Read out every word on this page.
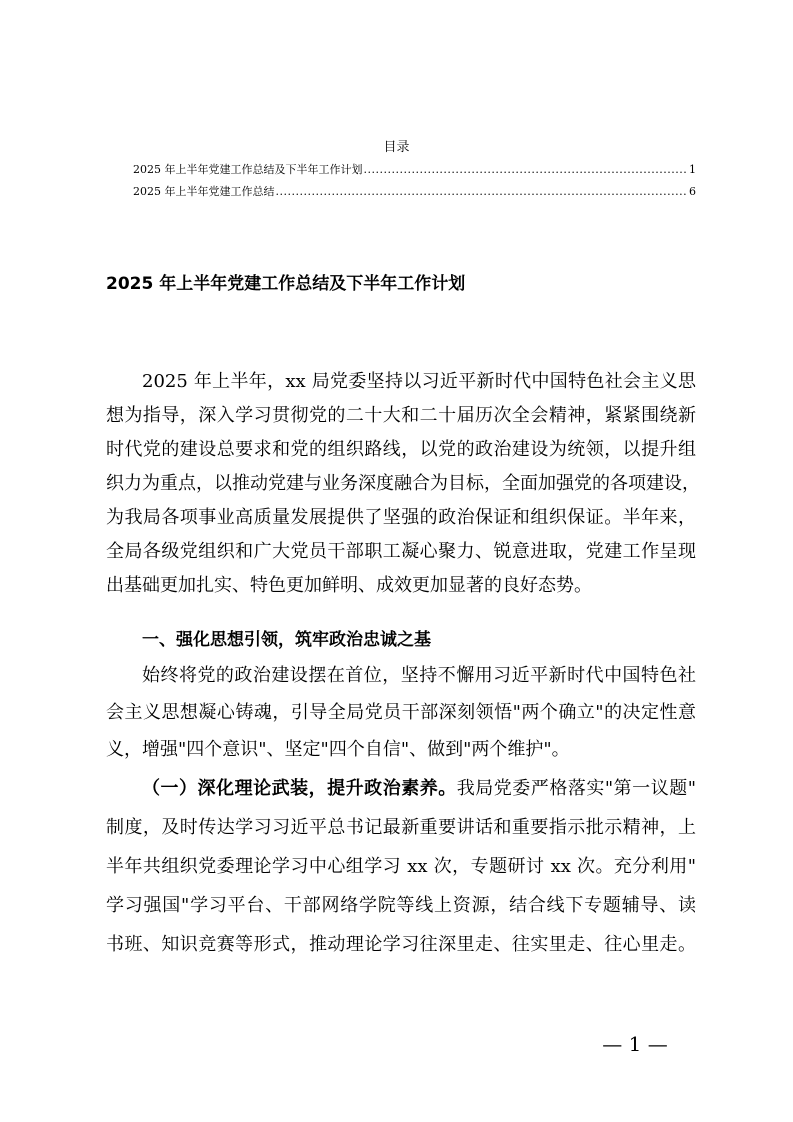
目录
2025 年上半年党建工作总结及下半年工作计划 .....	1
2025 年上半年党建工作总结 .....	6
2025 年上半年党建工作总结及下半年工作计划
2025 年上半年，xx 局党委坚持以习近平新时代中国特色社会主义思
想为指导，深入学习贯彻党的二十大和二十届历次全会精神，紧紧围绕新
时代党的建设总要求和党的组织路线，以党的政治建设为统领，以提升组
织力为重点，以推动党建与业务深度融合为目标，全面加强党的各项建设，
为我局各项事业高质量发展提供了坚强的政治保证和组织保证。半年来，
全局各级党组织和广大党员干部职工凝心聚力、锐意进取，党建工作呈现
出基础更加扎实、特色更加鲜明、成效更加显著的良好态势。
一、强化思想引领，筑牢政治忠诚之基
始终将党的政治建设摆在首位，坚持不懈用习近平新时代中国特色社
会主义思想凝心铸魂，引导全局党员干部深刻领悟"两个确立"的决定性意
义，增强"四个意识"、坚定"四个自信"、做到"两个维护"。
（一）深化理论武装，提升政治素养。我局党委严格落实"第一议题"
制度，及时传达学习习近平总书记最新重要讲话和重要指示批示精神，上
半年共组织党委理论学习中心组学习 xx 次，专题研讨 xx 次。充分利用"
学习强国"学习平台、干部网络学院等线上资源，结合线下专题辅导、读
书班、知识竞赛等形式，推动理论学习往深里走、往实里走、往心里走。
— 1 —
